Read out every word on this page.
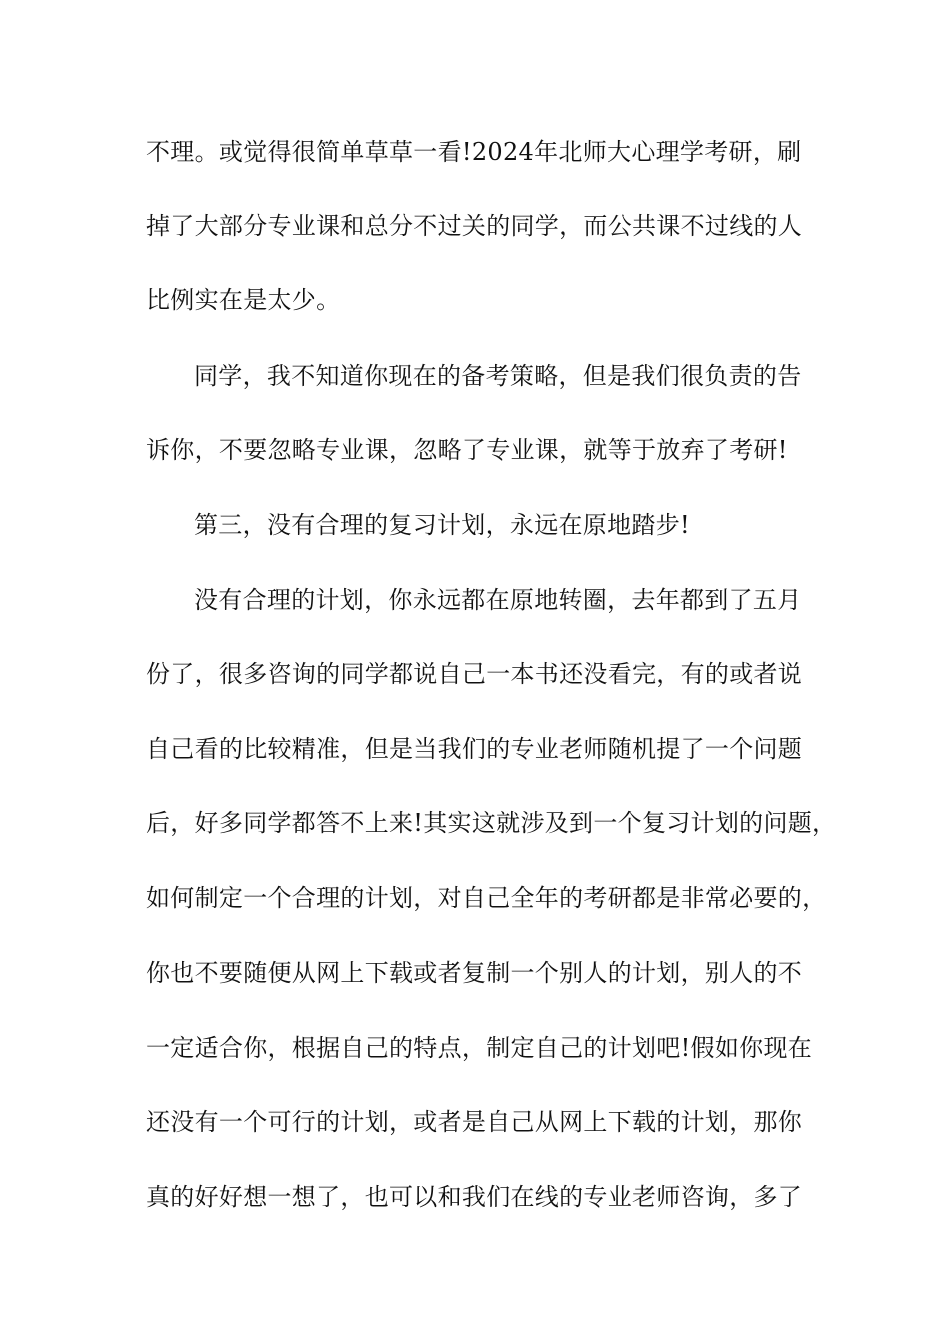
不理。或觉得很简单草草一看!2024年北师大心理学考研，刷
掉了大部分专业课和总分不过关的同学，而公共课不过线的人
比例实在是太少。
同学，我不知道你现在的备考策略，但是我们很负责的告
诉你，不要忽略专业课，忽略了专业课，就等于放弃了考研!
第三，没有合理的复习计划，永远在原地踏步!
没有合理的计划，你永远都在原地转圈，去年都到了五月
份了，很多咨询的同学都说自己一本书还没看完，有的或者说
自己看的比较精准，但是当我们的专业老师随机提了一个问题
后，好多同学都答不上来!其实这就涉及到一个复习计划的问题，
如何制定一个合理的计划，对自己全年的考研都是非常必要的，
你也不要随便从网上下载或者复制一个别人的计划，别人的不
一定适合你，根据自己的特点，制定自己的计划吧!假如你现在
还没有一个可行的计划，或者是自己从网上下载的计划，那你
真的好好想一想了，也可以和我们在线的专业老师咨询，多了
